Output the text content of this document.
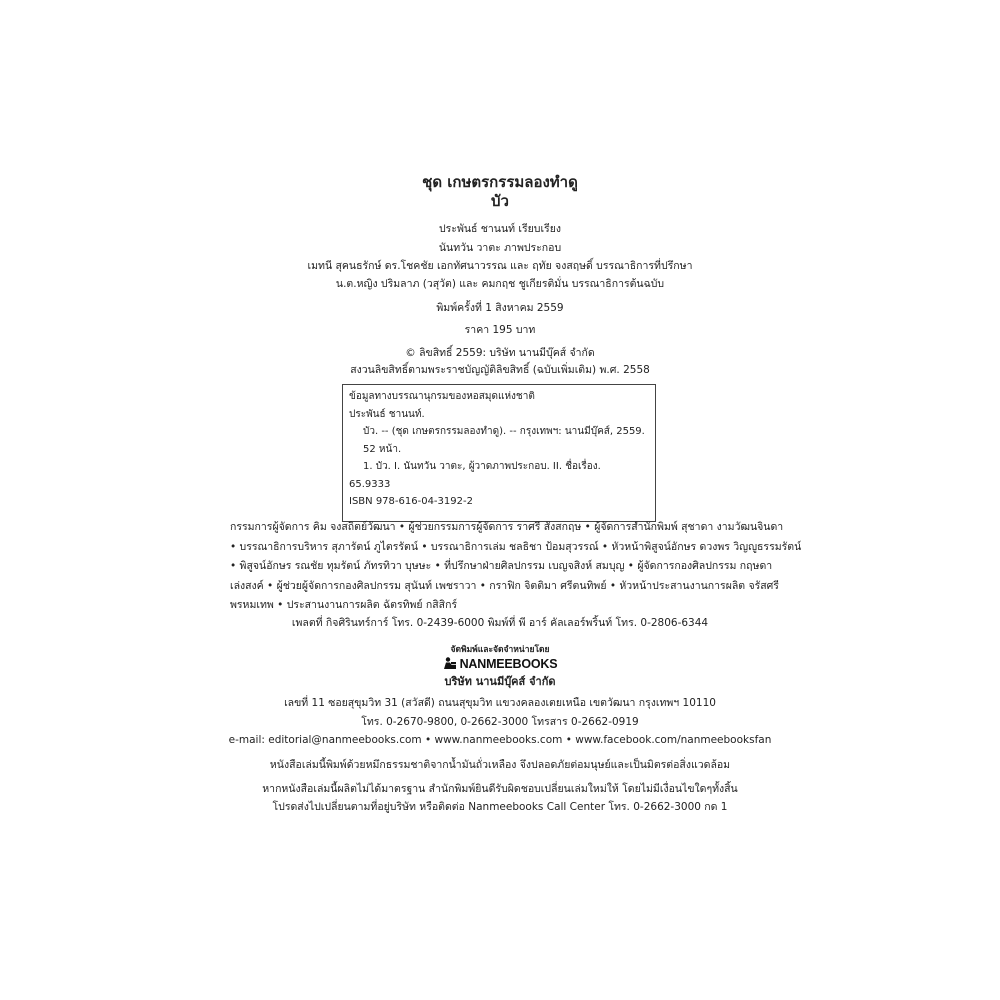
ชุด เกษตรกรรมลองทำดู
บัว
ประพันธ์ ชานนท์ เรียบเรียง
นันทวัน วาตะ ภาพประกอบ
เมทนี สุคนธรักษ์ ดร.โชคชัย เอกทัศนาวรรณ และ ฤทัย จงสฤษดิ์ บรรณาธิการที่ปรึกษา
น.ต.หญิง ปริมลาภ (วสุวัต) และ คมกฤช ชูเกียรติมั่น บรรณาธิการต้นฉบับ
พิมพ์ครั้งที่ 1 สิงหาคม 2559
ราคา 195 บาท
© ลิขสิทธิ์ 2559: บริษัท นานมีบุ๊คส์ จำกัด
สงวนลิขสิทธิ์ตามพระราชบัญญัติลิขสิทธิ์ (ฉบับเพิ่มเติม) พ.ศ. 2558
ข้อมูลทางบรรณานุกรมของหอสมุดแห่งชาติ
ประพันธ์ ชานนท์.
บัว. -- (ชุด เกษตรกรรมลองทำดู). -- กรุงเทพฯ: นานมีบุ๊คส์, 2559.
52 หน้า.
1. บัว. I. นันทวัน วาตะ, ผู้วาดภาพประกอบ. II. ชื่อเรื่อง.
65.9333
ISBN 978-616-04-3192-2
กรรมการผู้จัดการ คิม จงสถิตย์วัฒนา • ผู้ช่วยกรรมการผู้จัดการ ราศรี สังสกฤษ • ผู้จัดการสำนักพิมพ์ สุชาดา งามวัฒนจินดา
• บรรณาธิการบริหาร สุภารัตน์ ภูไตรรัตน์ • บรรณาธิการเล่ม ชลธิชา ป้อมสุวรรณ์ • หัวหน้าพิสูจน์อักษร ดวงพร วิญญูธรรมรัตน์
• พิสูจน์อักษร รณชัย ทุมรัตน์ ภัทรทิวา บุษษะ • ที่ปรึกษาฝ่ายศิลปกรรม เบญจสิงห์ สมบุญ • ผู้จัดการกองศิลปกรรม กฤษดา
เล่งสงค์ • ผู้ช่วยผู้จัดการกองศิลปกรรม สุนันท์ เพชราวา • กราฟิก จิตติมา ศรีตนทิพย์ • หัวหน้าประสานงานการผลิต จรัสศรี
พรหมเทพ • ประสานงานการผลิต ฉัตรทิพย์ กสิสิกร์
เพลตที่ กิจศิรินทร์การ์ โทร. 0-2439-6000 พิมพ์ที่ พี อาร์ คัลเลอร์พริ้นท์ โทร. 0-2806-6344
จัดพิมพ์และจัดจำหน่ายโดย
NANMEEBOOKS
บริษัท นานมีบุ๊คส์ จำกัด
เลขที่ 11 ซอยสุขุมวิท 31 (สวัสดี) ถนนสุขุมวิท แขวงคลองเตยเหนือ เขตวัฒนา กรุงเทพฯ 10110
โทร. 0-2670-9800, 0-2662-3000 โทรสาร 0-2662-0919
e-mail: editorial@nanmeebooks.com • www.nanmeebooks.com • www.facebook.com/nanmeebooksfan
หนังสือเล่มนี้พิมพ์ด้วยหมึกธรรมชาติจากน้ำมันถั่วเหลือง จึงปลอดภัยต่อมนุษย์และเป็นมิตรต่อสิ่งแวดล้อม
หากหนังสือเล่มนี้ผลิตไม่ได้มาตรฐาน สำนักพิมพ์ยินดีรับผิดชอบเปลี่ยนเล่มใหม่ให้ โดยไม่มีเงื่อนไขใดๆทั้งสิ้น
โปรดส่งไปเปลี่ยนตามที่อยู่บริษัท หรือติดต่อ Nanmeebooks Call Center โทร. 0-2662-3000 กด 1
